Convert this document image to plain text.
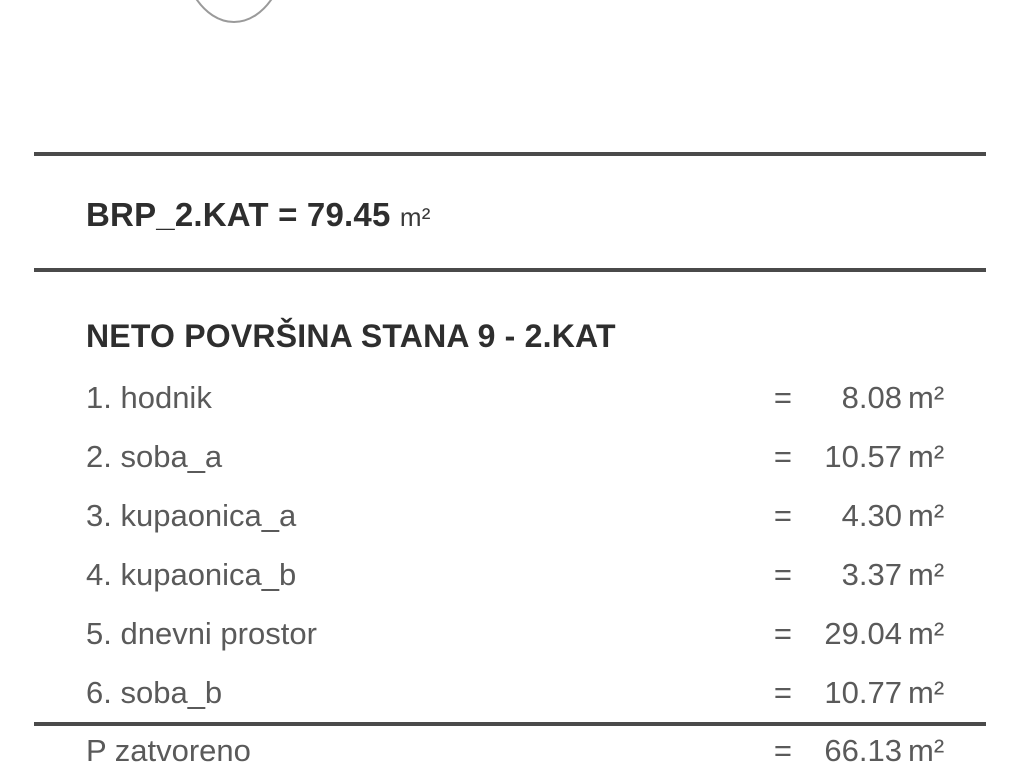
BRP_2.KAT = 79.45 m²
NETO POVRŠINA STANA 9 - 2.KAT
1. hodnik	=	8.08 m²
2. soba_a	=	10.57 m²
3. kupaonica_a	=	4.30 m²
4. kupaonica_b	=	3.37 m²
5. dnevni prostor	=	29.04 m²
6. soba_b	=	10.77 m²
P zatvoreno	=	66.13 m²
